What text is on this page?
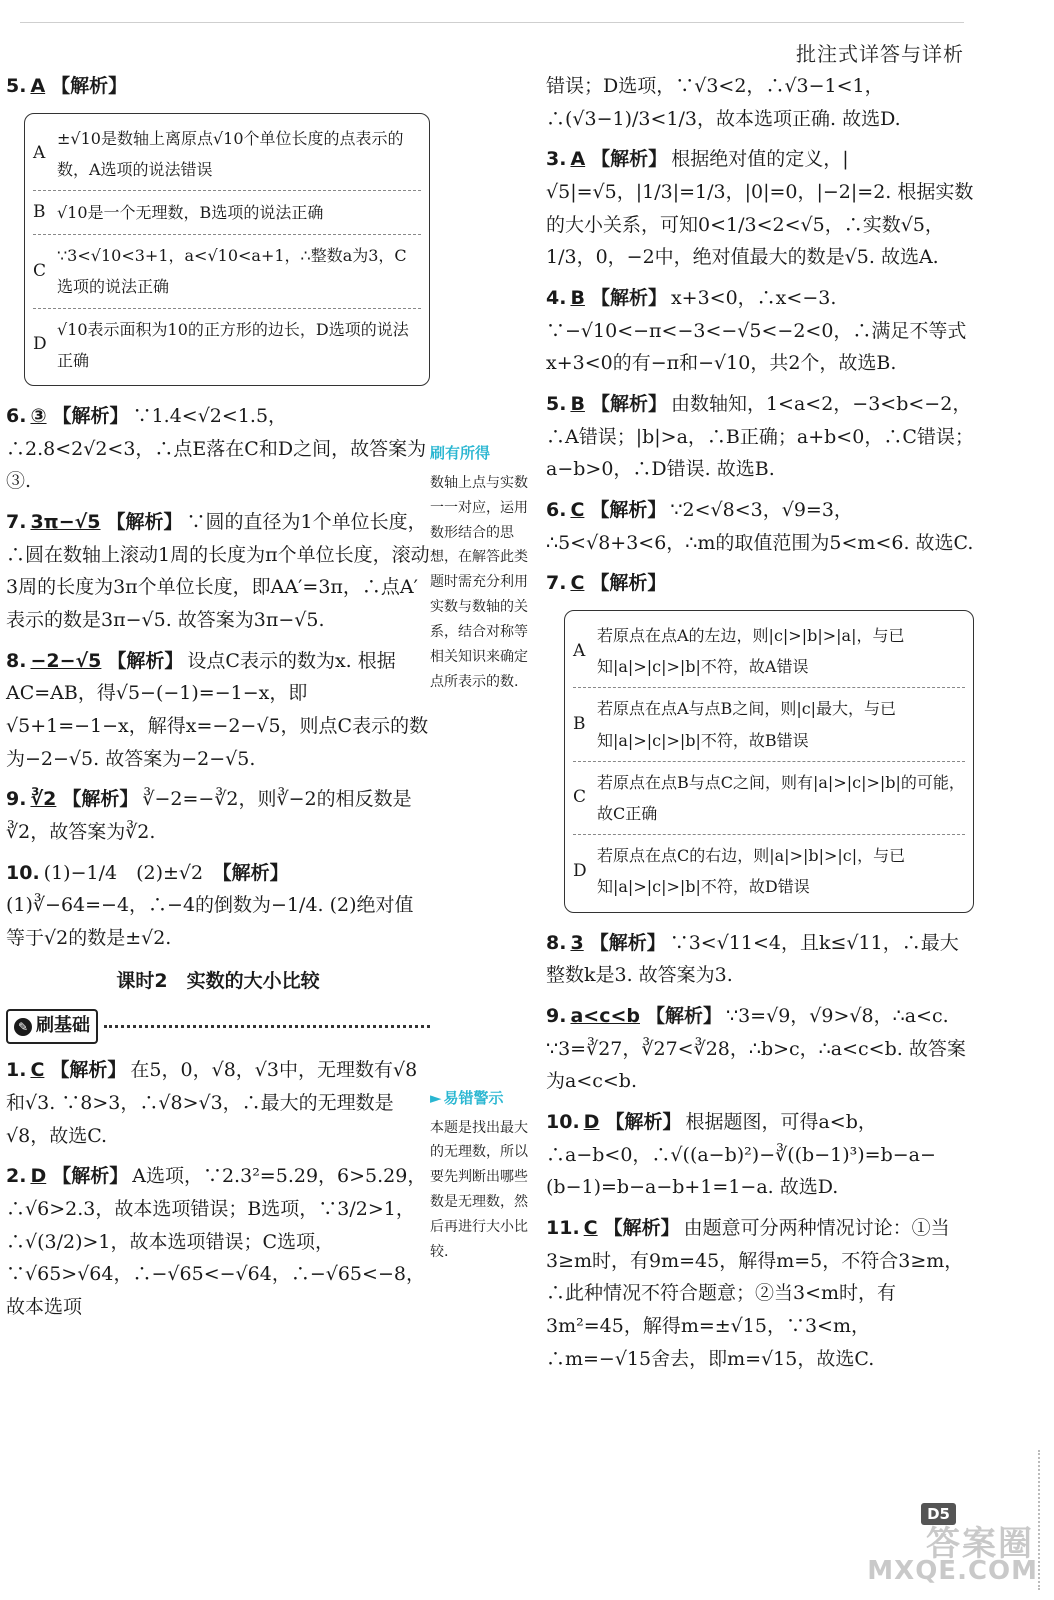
批注式详答与详析
5. A 【解析】
A
±√10是数轴上离原点√10个单位长度的点表示的数，A选项的说法错误
B √10是一个无理数，B选项的说法正确
C
∵3<√10<3+1，a<√10<a+1，∴整数a为3，C选项的说法正确
D
√10表示面积为10的正方形的边长，D选项的说法正确
6. ③ 【解析】 ∵1.4<√2<1.5，∴2.8<2√2<3，∴点E落在C和D之间，故答案为③.
7. 3π−√5 【解析】 ∵圆的直径为1个单位长度，∴圆在数轴上滚动1周的长度为π个单位长度，滚动3周的长度为3π个单位长度，即AA′=3π，∴点A′表示的数是3π−√5. 故答案为3π−√5.
8. −2−√5 【解析】 设点C表示的数为x. 根据AC=AB，得√5−(−1)=−1−x，即√5+1=−1−x，解得x=−2−√5，则点C表示的数为−2−√5. 故答案为−2−√5.
9. ∛2 【解析】 ∛−2=−∛2，则∛−2的相反数是∛2，故答案为∛2.
10. (1)−1/4　(2)±√2　 【解析】(1)∛−64=−4，∴−4的倒数为−1/4. (2)绝对值等于√2的数是±√2.
课时2　实数的大小比较
✎ 刷基础
1. C 【解析】 在5，0，√8，√3中，无理数有√8和√3. ∵8>3，∴√8>√3，∴最大的无理数是√8，故选C.
2. D 【解析】 A选项，∵2.3²=5.29，6>5.29，∴√6>2.3，故本选项错误；B选项，∵3/2>1，∴√(3/2)>1，故本选项错误；C选项，∵√65>√64，∴−√65<−√64，∴−√65<−8，故本选项
刷有所得
数轴上点与实数一一对应，运用数形结合的思想，在解答此类题时需充分利用实数与数轴的关系，结合对称等相关知识来确定点所表示的数.
► 易错警示
本题是找出最大的无理数，所以要先判断出哪些数是无理数，然后再进行大小比较.
错误；D选项，∵√3<2，∴√3−1<1，∴(√3−1)/3<1/3，故本选项正确. 故选D.
3. A 【解析】 根据绝对值的定义，|√5|=√5，|1/3|=1/3，|0|=0，|−2|=2. 根据实数的大小关系，可知0<1/3<2<√5，∴实数√5，1/3，0，−2中，绝对值最大的数是√5. 故选A.
4. B 【解析】 x+3<0，∴x<−3. ∵−√10<−π<−3<−√5<−2<0，∴满足不等式x+3<0的有−π和−√10，共2个，故选B.
5. B 【解析】 由数轴知，1<a<2，−3<b<−2，∴A错误；|b|>a，∴B正确；a+b<0，∴C错误；a−b>0，∴D错误. 故选B.
6. C 【解析】 ∵2<√8<3，√9=3，∴5<√8+3<6，∴m的取值范围为5<m<6. 故选C.
7. C 【解析】
A
若原点在点A的左边，则|c|>|b|>|a|，与已知|a|>|c|>|b|不符，故A错误
B
若原点在点A与点B之间，则|c|最大，与已知|a|>|c|>|b|不符，故B错误
C
若原点在点B与点C之间，则有|a|>|c|>|b|的可能，故C正确
D
若原点在点C的右边，则|a|>|b|>|c|，与已知|a|>|c|>|b|不符，故D错误
8. 3 【解析】 ∵3<√11<4，且k≤√11，∴最大整数k是3. 故答案为3.
9. a<c<b 【解析】 ∵3=√9，√9>√8，∴a<c. ∵3=∛27，∛27<∛28，∴b>c，∴a<c<b. 故答案为a<c<b.
10. D 【解析】 根据题图，可得a<b，∴a−b<0，∴√((a−b)²)−∛((b−1)³)=b−a−(b−1)=b−a−b+1=1−a. 故选D.
11. C 【解析】 由题意可分两种情况讨论：①当3≥m时，有9m=45，解得m=5，不符合3≥m，∴此种情况不符合题意；②当3<m时，有3m²=45，解得m=±√15，∵3<m，∴m=−√15舍去，即m=√15，故选C.
D5
答案圈
MXQE.COM
